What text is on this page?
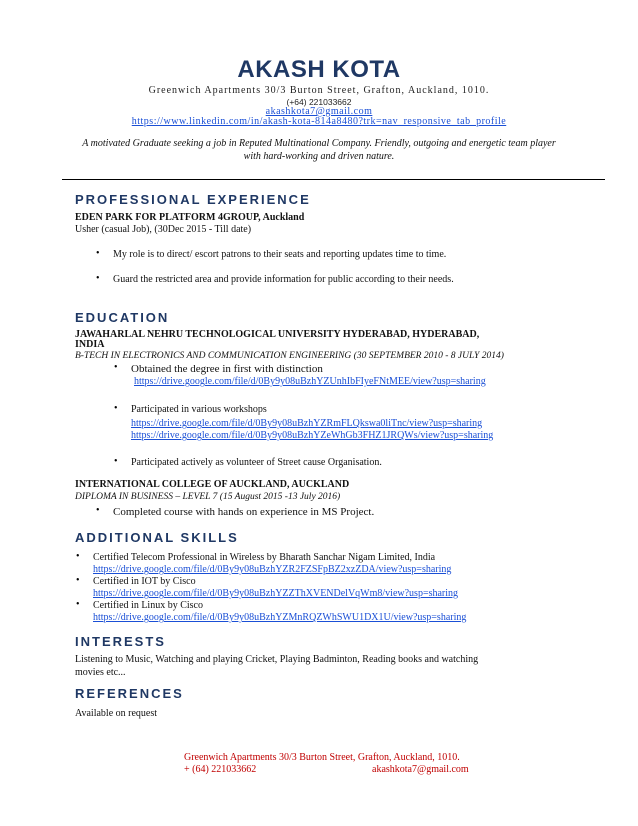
AKASH KOTA
Greenwich Apartments 30/3 Burton Street, Grafton, Auckland, 1010.
(+64) 221033662
akashkota7@gmail.com
https://www.linkedin.com/in/akash-kota-814a8480?trk=nav_responsive_tab_profile
A motivated Graduate seeking a job in Reputed Multinational Company. Friendly, outgoing and energetic team player with hard-working and driven nature.
PROFESSIONAL EXPERIENCE
EDEN PARK FOR PLATFORM 4GROUP, Auckland
Usher (casual Job), (30Dec 2015 - Till date)
• My role is to direct/ escort patrons to their seats and reporting updates time to time.
• Guard the restricted area and provide information for public according to their needs.
EDUCATION
JAWAHARLAL NEHRU TECHNOLOGICAL UNIVERSITY HYDERABAD, HYDERABAD,
INDIA
B-TECH IN ELECTRONICS AND COMMUNICATION ENGINEERING (30 SEPTEMBER 2010 - 8 JULY 2014)
• Obtained the degree in first with distinction
https://drive.google.com/file/d/0By9y08uBzhYZUnhIbFIyeFNtMEE/view?usp=sharing
• Participated in various workshops
https://drive.google.com/file/d/0By9y08uBzhYZRmFLQkswa0liTnc/view?usp=sharing
https://drive.google.com/file/d/0By9y08uBzhYZeWhGb3FHZ1JRQWs/view?usp=sharing
• Participated actively as volunteer of Street cause Organisation.
INTERNATIONAL COLLEGE OF AUCKLAND, AUCKLAND
DIPLOMA IN BUSINESS – LEVEL 7 (15 August 2015 -13 July 2016)
• Completed course with hands on experience in MS Project.
ADDITIONAL SKILLS
• Certified Telecom Professional in Wireless by Bharath Sanchar Nigam Limited, India
https://drive.google.com/file/d/0By9y08uBzhYZR2FZSFpBZ2xzZDA/view?usp=sharing
• Certified in IOT by Cisco
https://drive.google.com/file/d/0By9y08uBzhYZZThXVENDelVqWm8/view?usp=sharing
• Certified in Linux by Cisco
https://drive.google.com/file/d/0By9y08uBzhYZMnRQZWhSWU1DX1U/view?usp=sharing
INTERESTS
Listening to Music, Watching and playing Cricket, Playing Badminton, Reading books and watching
movies etc...
REFERENCES
Available on request
Greenwich Apartments 30/3 Burton Street, Grafton, Auckland, 1010.
+ (64) 221033662	akashkota7@gmail.com
